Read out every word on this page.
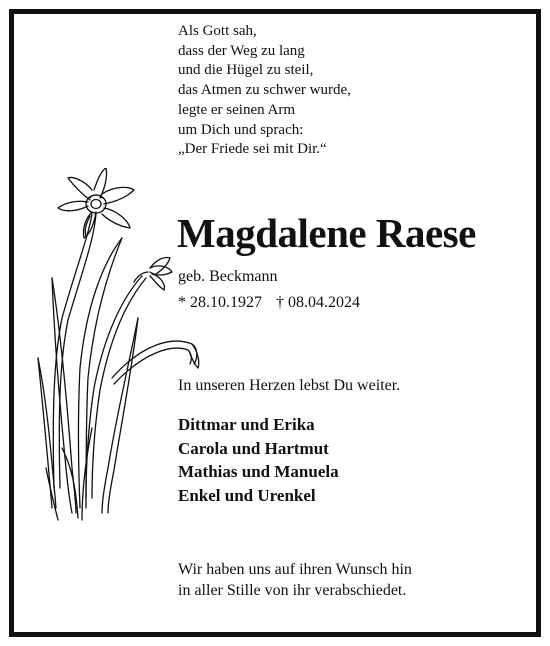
Als Gott sah,
dass der Weg zu lang
und die Hügel zu steil,
das Atmen zu schwer wurde,
legte er seinen Arm
um Dich und sprach:
„Der Friede sei mit Dir.“
Magdalene Raese
geb. Beckmann
* 28.10.1927 † 08.04.2024
In unseren Herzen lebst Du weiter.
Dittmar und Erika
Carola und Hartmut
Mathias und Manuela
Enkel und Urenkel
Wir haben uns auf ihren Wunsch hin
in aller Stille von ihr verabschiedet.
